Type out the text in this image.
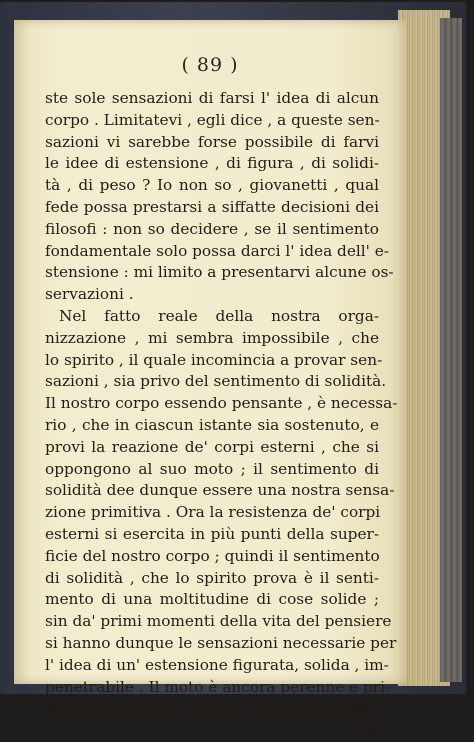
( 89 )
ste sole sensazioni di farsi l' idea di alcun
corpo . Limitatevi , egli dice , a queste sen-
sazioni vi sarebbe forse possibile di farvi
le idee di estensione , di figura , di solidi-
tà , di peso ? Io non so , giovanetti , qual
fede possa prestarsi a siffatte decisioni dei
filosofi : non so decidere , se il sentimento
fondamentale solo possa darci l' idea dell' e-
stensione : mi limito a presentarvi alcune os-
servazioni .
Nel fatto reale della nostra orga-
nizzazione , mi sembra impossibile , che
lo spirito , il quale incomincia a provar sen-
sazioni , sia privo del sentimento di solidità.
Il nostro corpo essendo pensante , è necessa-
rio , che in ciascun istante sia sostenuto, e
provi la reazione de' corpi esterni , che si
oppongono al suo moto ; il sentimento di
solidità dee dunque essere una nostra sensa-
zione primitiva . Ora la resistenza de' corpi
esterni si esercita in più punti della super-
ficie del nostro corpo ; quindi il sentimento
di solidità , che lo spirito prova è il senti-
mento di una moltitudine di cose solide ;
sin da' primi momenti della vita del pensiere
si hanno dunque le sensazioni necessarie per
l' idea di un' estensione figurata, solida , im-
penetrabile . Il moto è ancora perenne e pri-
mitivo nel nostro corpo : il bambino pian-
ge
